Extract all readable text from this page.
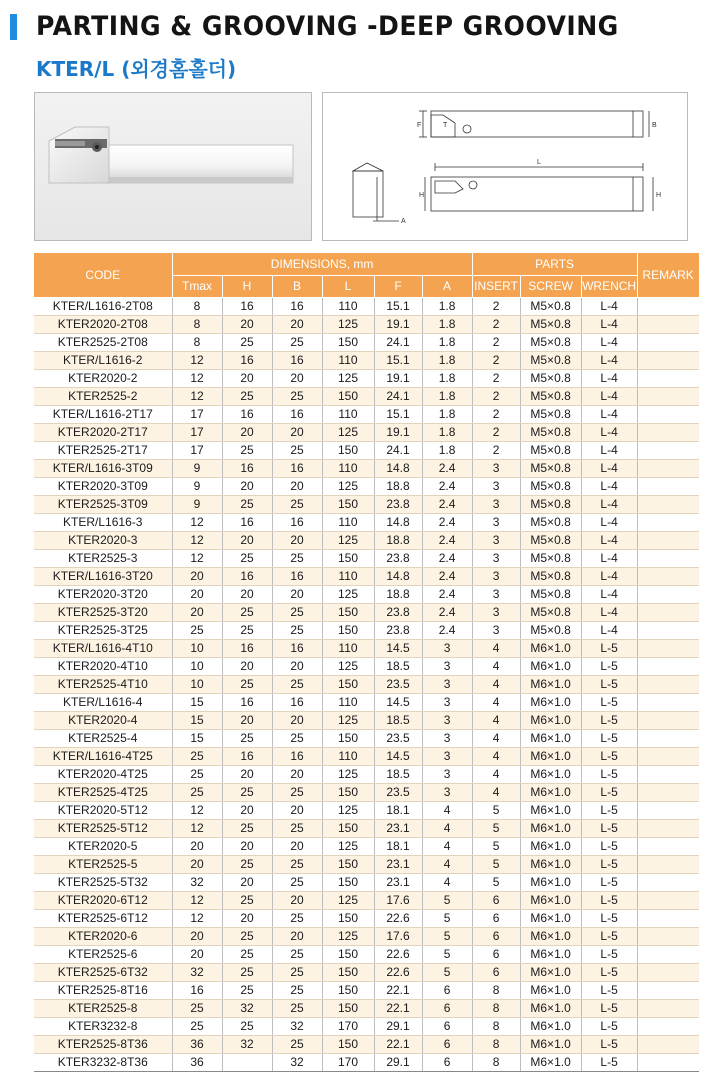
PARTING & GROOVING -DEEP GROOVING
KTER/L (외경홈홀더)
F	T	B
L
H	H
A
CODE	DIMENSIONS, mm						PARTS			REMARK
	Tmax	H	B	L	F	A	INSERT	SCREW	WRENCH	
KTER/L1616-2T08	8	16	16	110	15.1	1.8	2	M5×0.8	L-4	
KTER2020-2T08	8	20	20	125	19.1	1.8	2	M5×0.8	L-4	
KTER2525-2T08	8	25	25	150	24.1	1.8	2	M5×0.8	L-4	
KTER/L1616-2	12	16	16	110	15.1	1.8	2	M5×0.8	L-4	
KTER2020-2	12	20	20	125	19.1	1.8	2	M5×0.8	L-4	
KTER2525-2	12	25	25	150	24.1	1.8	2	M5×0.8	L-4	
KTER/L1616-2T17	17	16	16	110	15.1	1.8	2	M5×0.8	L-4	
KTER2020-2T17	17	20	20	125	19.1	1.8	2	M5×0.8	L-4	
KTER2525-2T17	17	25	25	150	24.1	1.8	2	M5×0.8	L-4	
KTER/L1616-3T09	9	16	16	110	14.8	2.4	3	M5×0.8	L-4	
KTER2020-3T09	9	20	20	125	18.8	2.4	3	M5×0.8	L-4	
KTER2525-3T09	9	25	25	150	23.8	2.4	3	M5×0.8	L-4	
KTER/L1616-3	12	16	16	110	14.8	2.4	3	M5×0.8	L-4	
KTER2020-3	12	20	20	125	18.8	2.4	3	M5×0.8	L-4	
KTER2525-3	12	25	25	150	23.8	2.4	3	M5×0.8	L-4	
KTER/L1616-3T20	20	16	16	110	14.8	2.4	3	M5×0.8	L-4	
KTER2020-3T20	20	20	20	125	18.8	2.4	3	M5×0.8	L-4	
KTER2525-3T20	20	25	25	150	23.8	2.4	3	M5×0.8	L-4	
KTER2525-3T25	25	25	25	150	23.8	2.4	3	M5×0.8	L-4	
KTER/L1616-4T10	10	16	16	110	14.5	3	4	M6×1.0	L-5	
KTER2020-4T10	10	20	20	125	18.5	3	4	M6×1.0	L-5	
KTER2525-4T10	10	25	25	150	23.5	3	4	M6×1.0	L-5	
KTER/L1616-4	15	16	16	110	14.5	3	4	M6×1.0	L-5	
KTER2020-4	15	20	20	125	18.5	3	4	M6×1.0	L-5	
KTER2525-4	15	25	25	150	23.5	3	4	M6×1.0	L-5	
KTER/L1616-4T25	25	16	16	110	14.5	3	4	M6×1.0	L-5	
KTER2020-4T25	25	20	20	125	18.5	3	4	M6×1.0	L-5	
KTER2525-4T25	25	25	25	150	23.5	3	4	M6×1.0	L-5	
KTER2020-5T12	12	20	20	125	18.1	4	5	M6×1.0	L-5	
KTER2525-5T12	12	25	25	150	23.1	4	5	M6×1.0	L-5	
KTER2020-5	20	20	20	125	18.1	4	5	M6×1.0	L-5	
KTER2525-5	20	25	25	150	23.1	4	5	M6×1.0	L-5	
KTER2525-5T32	32	20	25	150	23.1	4	5	M6×1.0	L-5	
KTER2020-6T12	12	25	20	125	17.6	5	6	M6×1.0	L-5	
KTER2525-6T12	12	20	25	150	22.6	5	6	M6×1.0	L-5	
KTER2020-6	20	25	20	125	17.6	5	6	M6×1.0	L-5	
KTER2525-6	20	25	25	150	22.6	5	6	M6×1.0	L-5	
KTER2525-6T32	32	25	25	150	22.6	5	6	M6×1.0	L-5	
KTER2525-8T16	16	25	25	150	22.1	6	8	M6×1.0	L-5	
KTER2525-8	25	32	25	150	22.1	6	8	M6×1.0	L-5	
KTER3232-8	25	25	32	170	29.1	6	8	M6×1.0	L-5	
KTER2525-8T36	36	32	25	150	22.1	6	8	M6×1.0	L-5	
KTER3232-8T36	36		32	170	29.1	6	8	M6×1.0	L-5	
